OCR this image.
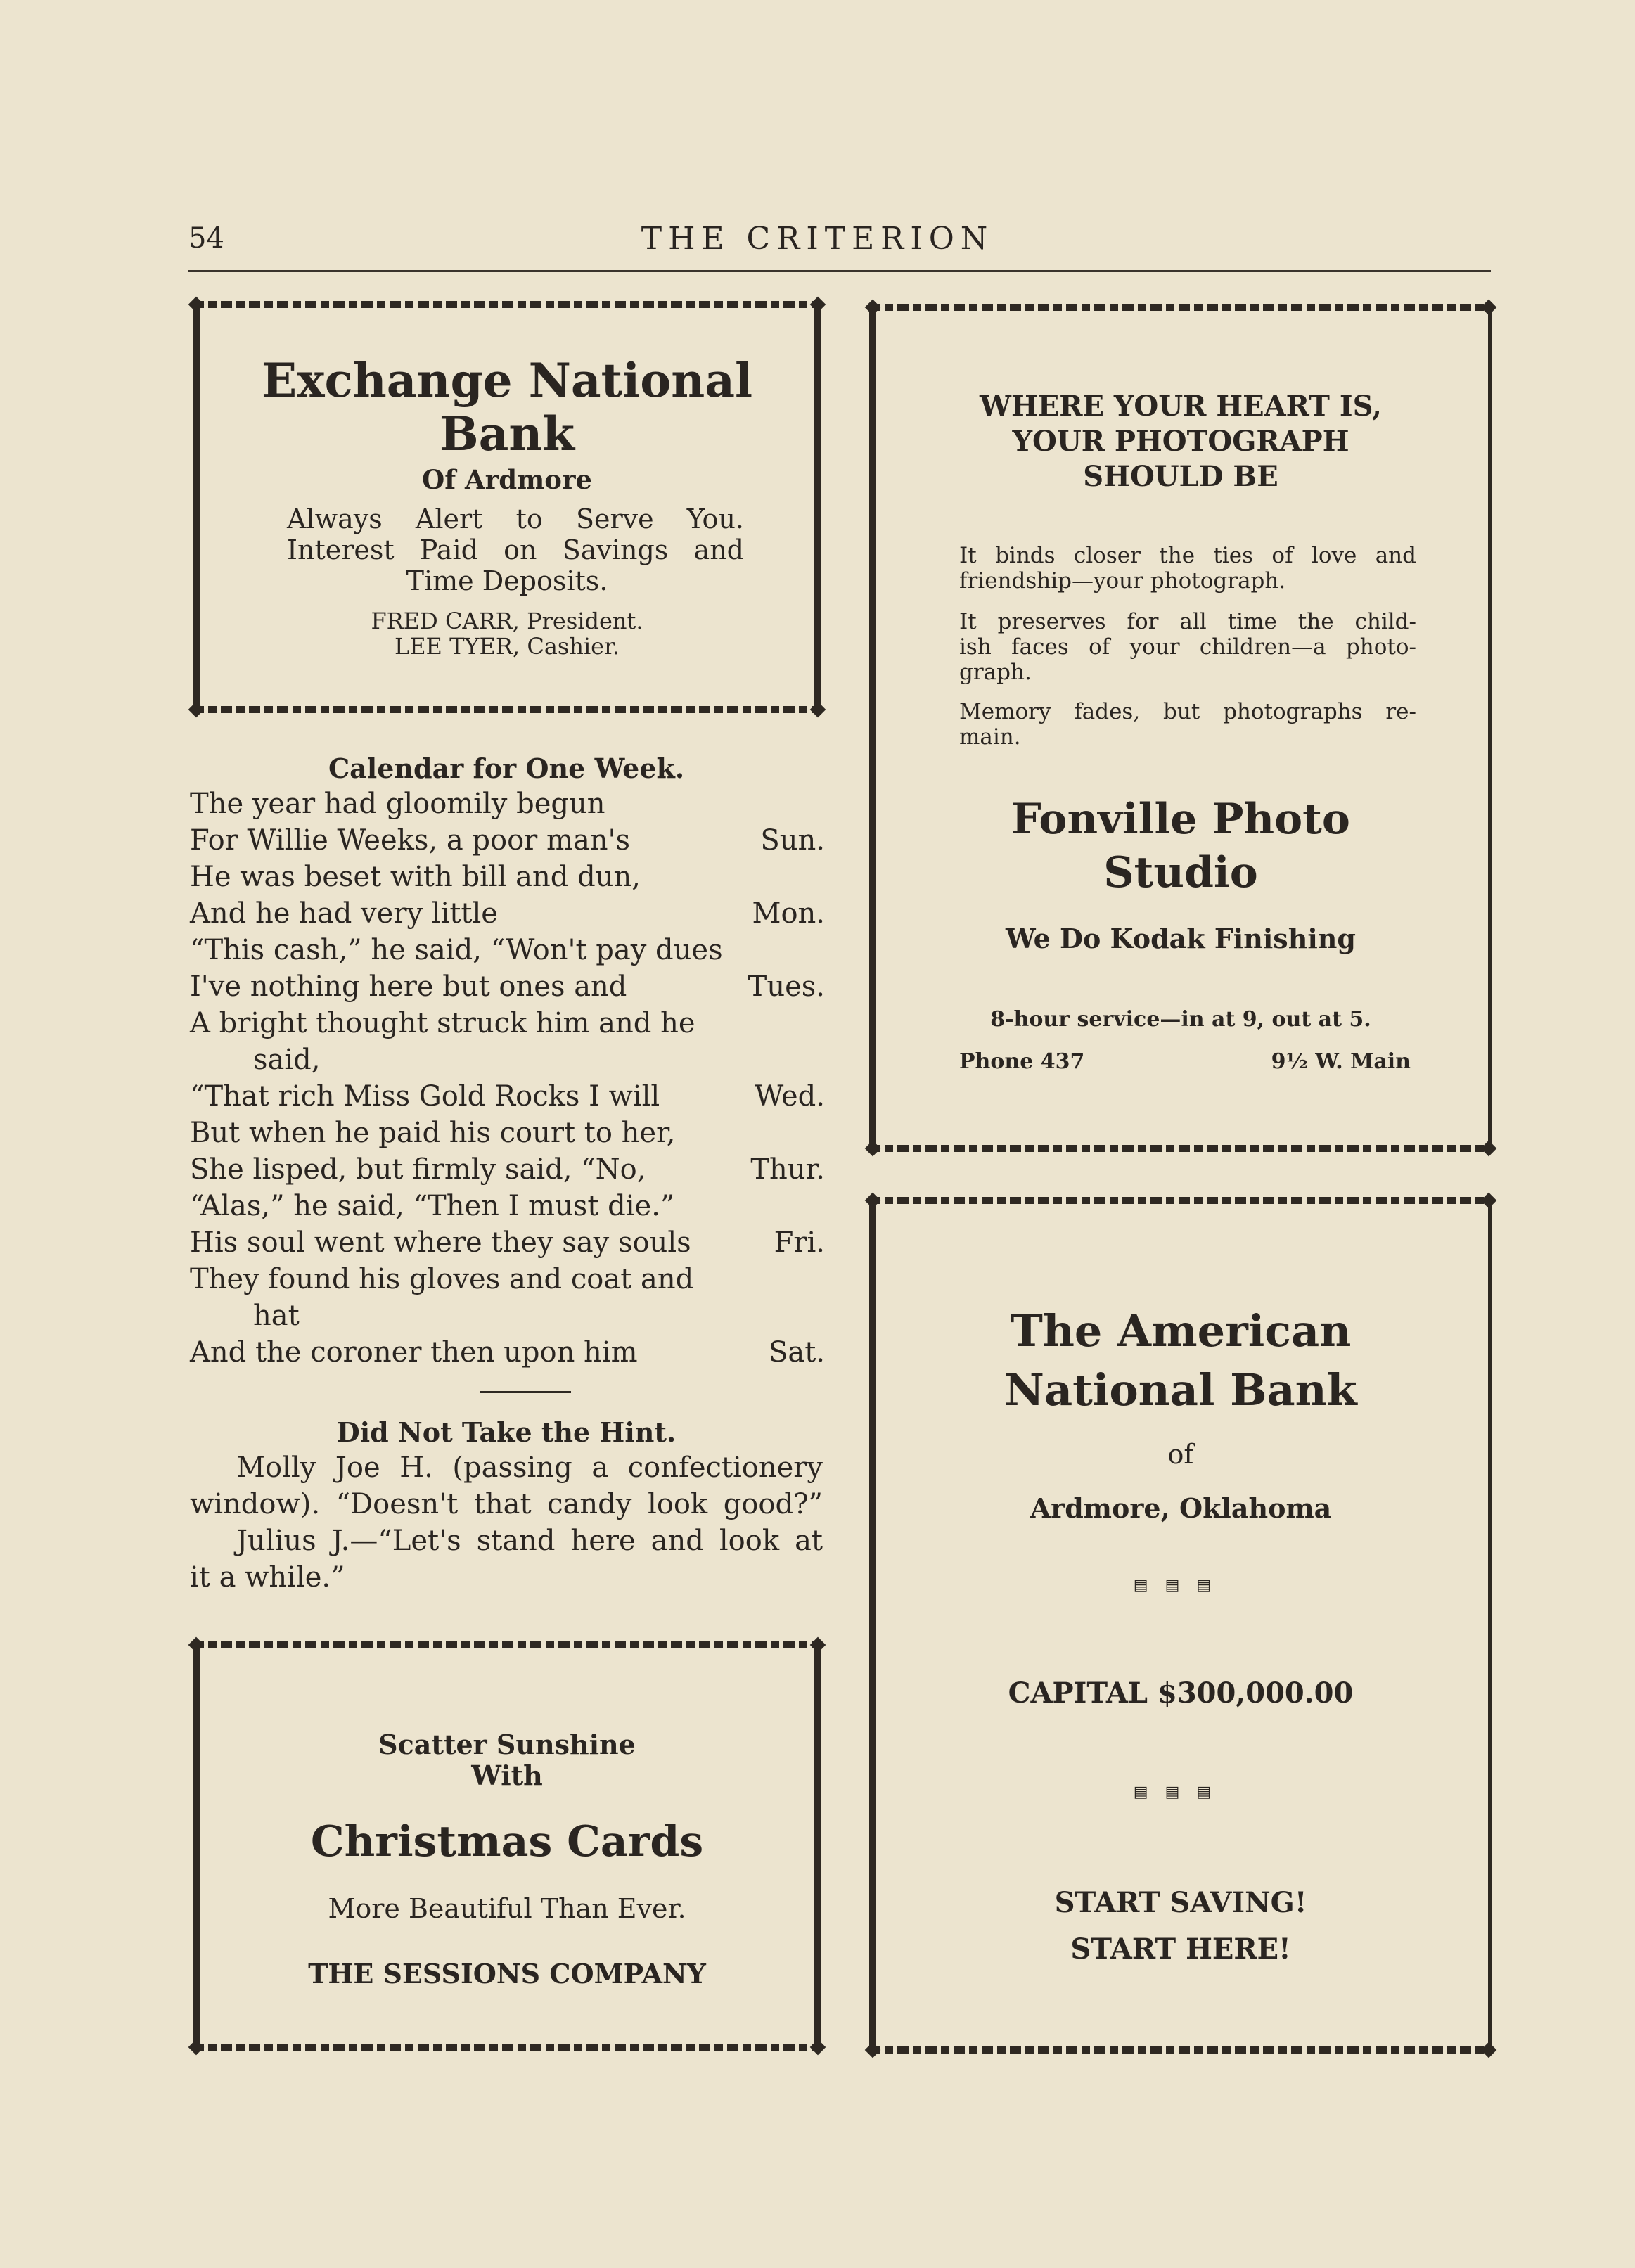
54	THE CRITERION
Exchange National
Bank
Of Ardmore
Always Alert to Serve You.
Interest Paid on Savings and
Time Deposits.
FRED CARR, President.
LEE TYER, Cashier.
Calendar for One Week.
The year had gloomily begun
For Willie Weeks, a poor man's
He was beset with bill and dun,
And he had very little
“This cash,” he said, “Won't pay dues
I've nothing here but ones and
A bright thought struck him and he
said,
“That rich Miss Gold Rocks I will
But when he paid his court to her,
She lisped, but firmly said, “No,
“Alas,” he said, “Then I must die.”
His soul went where they say souls
They found his gloves and coat and
hat
And the coroner then upon him
Sun.
Mon.
Tues.
Wed.
Thur.
Fri.
Sat.
Did Not Take the Hint.
Molly Joe H. (passing a confectionery
window). “Doesn't that candy look good?”
Julius J.—“Let's stand here and look at
it a while.”
Scatter Sunshine
With
Christmas Cards
More Beautiful Than Ever.
THE SESSIONS COMPANY
WHERE YOUR HEART IS,
YOUR PHOTOGRAPH
SHOULD BE
It binds closer the ties of love and
friendship—your photograph.
It preserves for all time the child-
ish faces of your children—a photo-
graph.
Memory fades, but photographs re-
main.
Fonville Photo
Studio
We Do Kodak Finishing
8-hour service—in at 9, out at 5.
Phone 437	9½ W. Main
The American
National Bank
of
Ardmore, Oklahoma
▤▤▤
CAPITAL $300,000.00
▤▤▤
START SAVING!
START HERE!
